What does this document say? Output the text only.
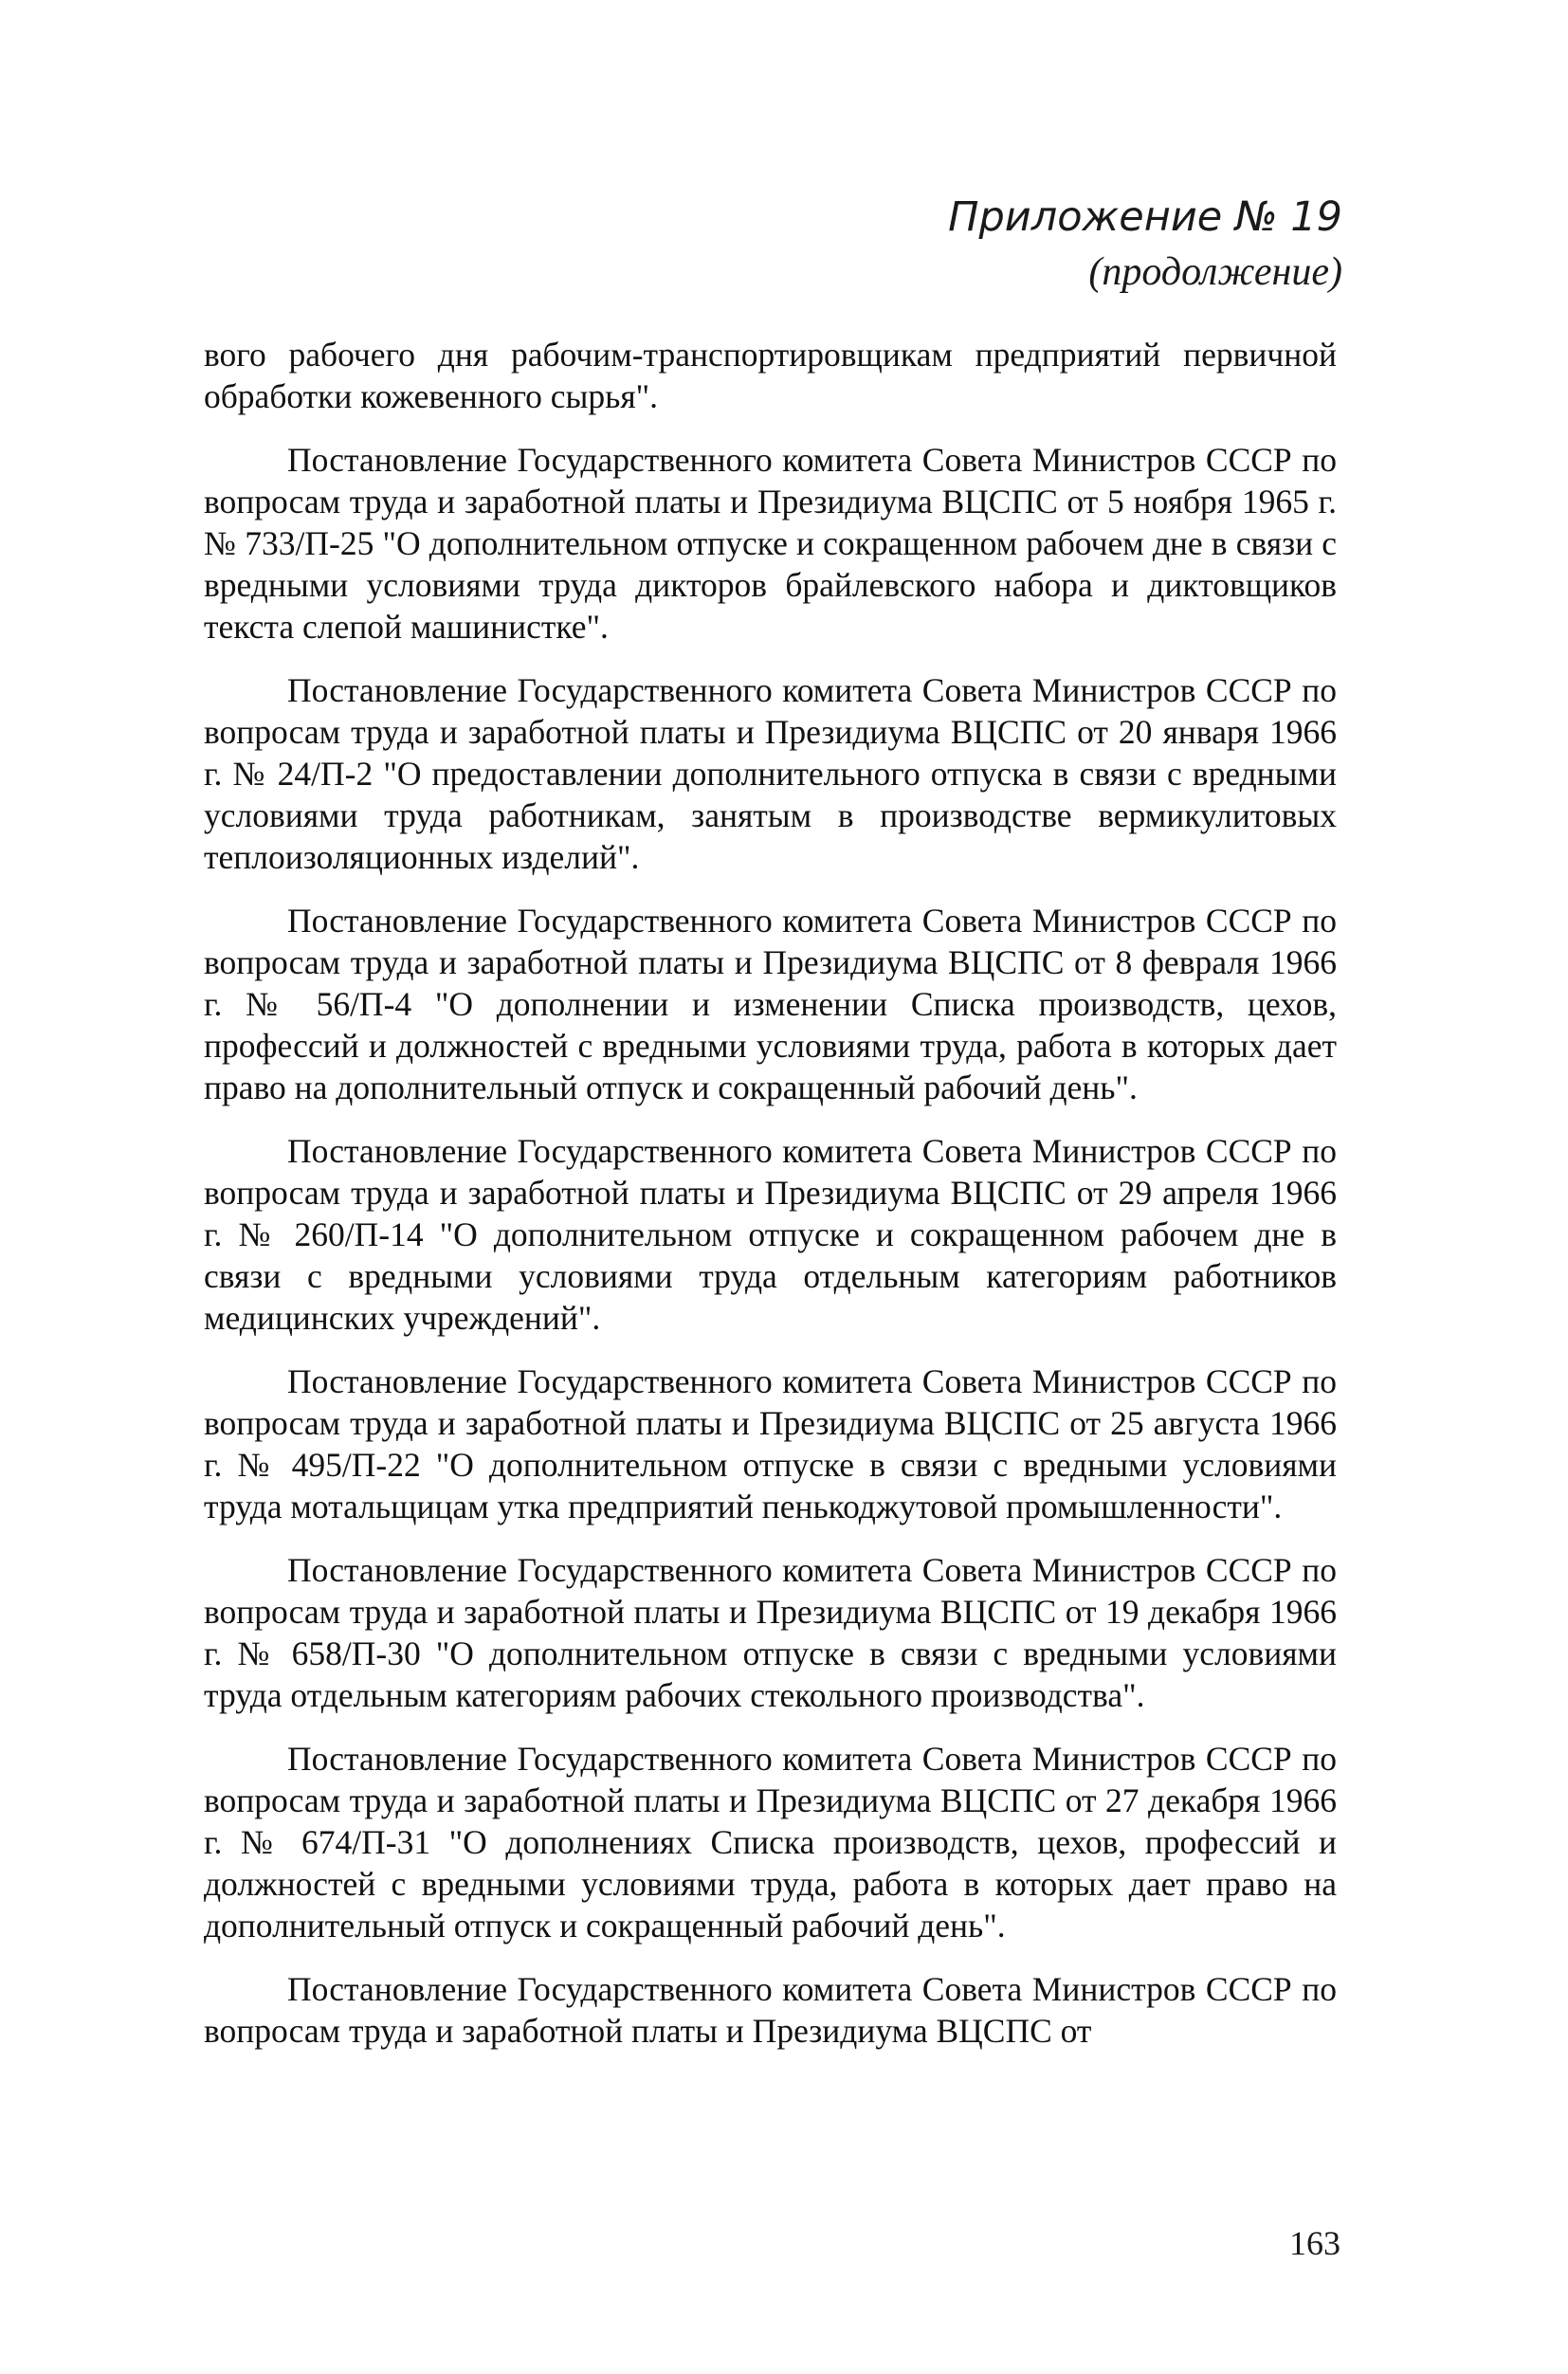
Приложение № 19
(продолжение)

вого рабочего дня рабочим-транспортировщикам предприятий первичной обработки кожевенного сырья".

Постановление Государственного комитета Совета Министров СССР по вопросам труда и заработной платы и Президиума ВЦСПС от 5 ноября 1965 г. № 733/П-25 "О дополнительном отпуске и сокращенном рабочем дне в связи с вредными условиями труда дикторов брайлевского набора и диктовщиков текста слепой машинистке".

Постановление Государственного комитета Совета Министров СССР по вопросам труда и заработной платы и Президиума ВЦСПС от 20 января 1966 г. № 24/П-2 "О предоставлении дополнительного отпуска в связи с вредными условиями труда работникам, занятым в производстве вермикулитовых теплоизоляционных изделий".

Постановление Государственного комитета Совета Министров СССР по вопросам труда и заработной платы и Президиума ВЦСПС от 8 февраля 1966 г. № 56/П-4 "О дополнении и изменении Списка производств, цехов, профессий и должностей с вредными условиями труда, работа в которых дает право на дополнительный отпуск и сокращенный рабочий день".

Постановление Государственного комитета Совета Министров СССР по вопросам труда и заработной платы и Президиума ВЦСПС от 29 апреля 1966 г. № 260/П-14 "О дополнительном отпуске и сокращенном рабочем дне в связи с вредными условиями труда отдельным категориям работников медицинских учреждений".

Постановление Государственного комитета Совета Министров СССР по вопросам труда и заработной платы и Президиума ВЦСПС от 25 августа 1966 г. № 495/П-22 "О дополнительном отпуске в связи с вредными условиями труда мотальщицам утка предприятий пенькоджутовой промышленности".

Постановление Государственного комитета Совета Министров СССР по вопросам труда и заработной платы и Президиума ВЦСПС от 19 декабря 1966 г. № 658/П-30 "О дополнительном отпуске в связи с вредными условиями труда отдельным категориям рабочих стекольного производства".

Постановление Государственного комитета Совета Министров СССР по вопросам труда и заработной платы и Президиума ВЦСПС от 27 декабря 1966 г. № 674/П-31 "О дополнениях Списка производств, цехов, профессий и должностей с вредными условиями труда, работа в которых дает право на дополнительный отпуск и сокращенный рабочий день".

Постановление Государственного комитета Совета Министров СССР по вопросам труда и заработной платы и Президиума ВЦСПС от

163
